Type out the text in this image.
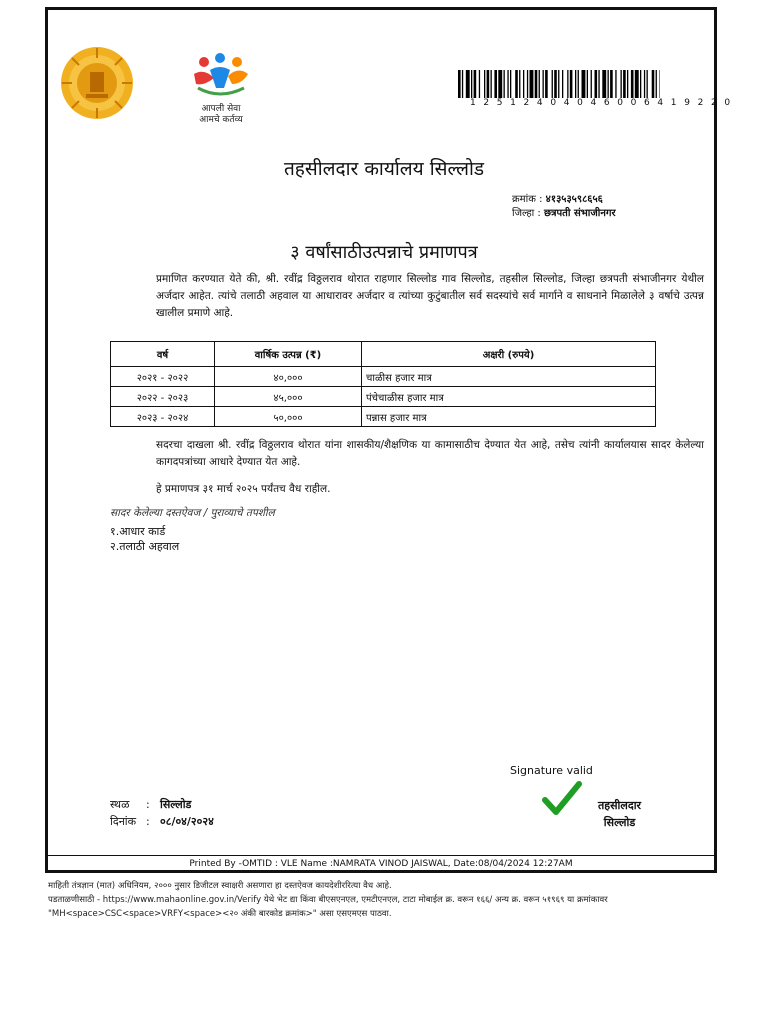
आपली सेवा
आमचे कर्तव्य
1 2 5 1 2 4 0 4 0 4 6 0 0 6 4 1 9 2 2 0
तहसीलदार कार्यालय सिल्लोड
क्रमांक : ४१३५३५९८६५६
जिल्हा : छत्रपती संभाजीनगर
३ वर्षांसाठीउत्पन्नाचे प्रमाणपत्र
प्रमाणित करण्यात येते की, श्री. रवींद्र विठ्ठलराव थोरात राहणार सिल्लोड गाव सिल्लोड, तहसील सिल्लोड, जिल्हा छत्रपती संभाजीनगर येथील अर्जदार आहेत. त्यांचे तलाठी अहवाल या आधारावर अर्जदार व त्यांच्या कुटुंबातील सर्व सदस्यांचे सर्व मार्गाने व साधनाने मिळालेले ३ वर्षाचे उत्पन्न खालील प्रमाणे आहे.
वर्ष	वार्षिक उत्पन्न (₹)	अक्षरी (रुपये)
२०२१ - २०२२	४०,०००	चाळीस हजार मात्र
२०२२ - २०२३	४५,०००	पंचेचाळीस हजार मात्र
२०२३ - २०२४	५०,०००	पन्नास हजार मात्र
सदरचा दाखला श्री. रवींद्र विठ्ठलराव थोरात यांना शासकीय/शैक्षणिक या कामासाठीच देण्यात येत आहे, तसेच त्यांनी कार्यालयास सादर केलेल्या कागदपत्रांच्या आधारे देण्यात येत आहे.
हे प्रमाणपत्र ३१ मार्च २०२५ पर्यंतच वैध राहील.
सादर केलेल्या दस्तऐवज / पुराव्याचे तपशील
१.आधार कार्ड
२.तलाठी अहवाल
Signature valid
तहसीलदार
सिल्लोड
स्थळ : सिल्लोड
दिनांक : ०८/०४/२०२४
Printed By -OMTID : VLE Name :NAMRATA VINOD JAISWAL, Date:08/04/2024 12:27AM
माहिती तंत्रज्ञान (मात) अधिनियम, २००० नुसार डिजीटल स्वाक्षरी असणारा हा दस्तऐवज कायदेशीररित्या वैध आहे.
पडताळणीसाठी - https://www.mahaonline.gov.in/Verify येथे भेट द्या किंवा बीएसएनएल, एमटीएनएल, टाटा मोबाईल क्र. वरून १६६/ अन्य क्र. वरून ५१९६९ या क्रमांकावर
"MH<space>CSC<space>VRFY<space><२० अंकी बारकोड क्रमांक>" असा एसएमएस पाठवा.
